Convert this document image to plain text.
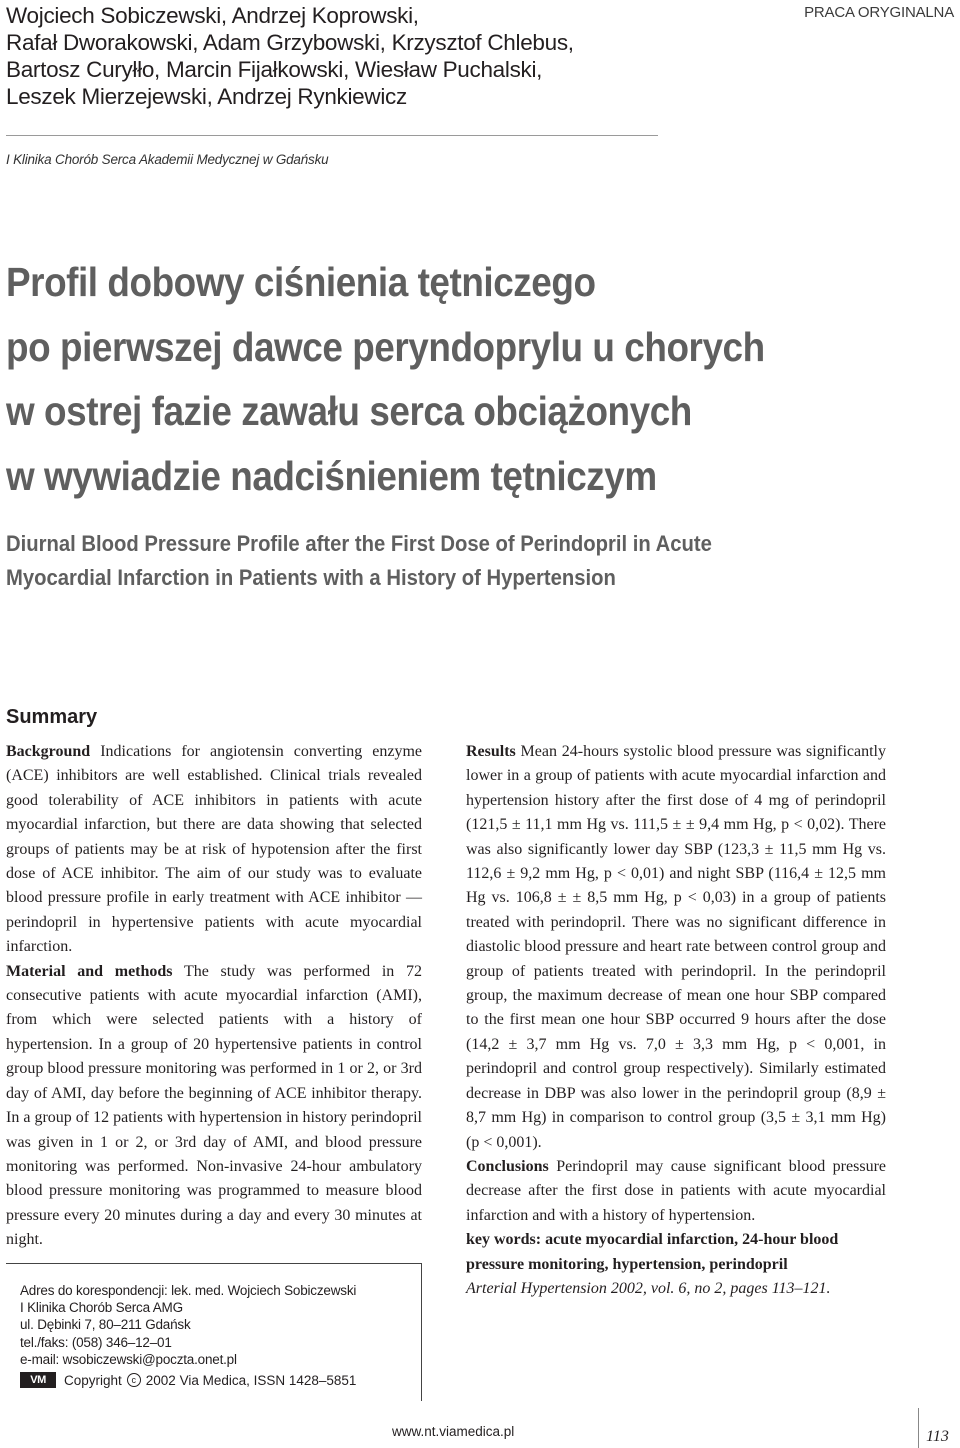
Wojciech Sobiczewski, Andrzej Koprowski,
Rafał Dworakowski, Adam Grzybowski, Krzysztof Chlebus,
Bartosz Curyłło, Marcin Fijałkowski, Wiesław Puchalski,
Leszek Mierzejewski, Andrzej Rynkiewicz
PRACA ORYGINALNA
I Klinika Chorób Serca Akademii Medycznej w Gdańsku
Profil dobowy ciśnienia tętniczego
po pierwszej dawce peryndoprylu u chorych
w ostrej fazie zawału serca obciążonych
w wywiadzie nadciśnieniem tętniczym
Diurnal Blood Pressure Profile after the First Dose of Perindopril in Acute
Myocardial Infarction in Patients with a History of Hypertension
Summary

Background Indications for angiotensin converting enzyme (ACE) inhibitors are well established. Clinical trials revealed good tolerability of ACE inhibitors in patients with acute myocardial infarction, but there are data showing that selected groups of patients may be at risk of hypotension after the first dose of ACE inhibitor. The aim of our study was to evaluate blood pressure profile in early treatment with ACE inhibitor — perindopril in hypertensive patients with acute myocardial infarction.

Material and methods The study was performed in 72 consecutive patients with acute myocardial infarction (AMI), from which were selected patients with a history of hypertension. In a group of 20 hypertensive patients in control group blood pressure monitoring was performed in 1 or 2, or 3rd day of AMI, day before the beginning of ACE inhibitor therapy. In a group of 12 patients with hypertension in history perindopril was given in 1 or 2, or 3rd day of AMI, and blood pressure monitoring was performed. Non-invasive 24-hour ambulatory blood pressure monitoring was programmed to measure blood pressure every 20 minutes during a day and every 30 minutes at night.

Results Mean 24-hours systolic blood pressure was significantly lower in a group of patients with acute myocardial infarction and hypertension history after the first dose of 4 mg of perindopril (121,5 ± 11,1 mm Hg vs. 111,5 ± ± 9,4 mm Hg, p < 0,02). There was also significantly lower day SBP (123,3 ± 11,5 mm Hg vs. 112,6 ± 9,2 mm Hg, p < 0,01) and night SBP (116,4 ± 12,5 mm Hg vs. 106,8 ± ± 8,5 mm Hg, p < 0,03) in a group of patients treated with perindopril. There was no significant difference in diastolic blood pressure and heart rate between control group and group of patients treated with perindopril. In the perindopril group, the maximum decrease of mean one hour SBP compared to the first mean one hour SBP occurred 9 hours after the dose (14,2 ± 3,7 mm Hg vs. 7,0 ± 3,3 mm Hg, p < 0,001, in perindopril and control group respectively). Similarly estimated decrease in DBP was also lower in the perindopril group (8,9 ± 8,7 mm Hg) in comparison to control group (3,5 ± 3,1 mm Hg) (p < 0,001).

Conclusions Perindopril may cause significant blood pressure decrease after the first dose in patients with acute myocardial infarction and with a history of hypertension.

key words: acute myocardial infarction, 24-hour blood pressure monitoring, hypertension, perindopril

Arterial Hypertension 2002, vol. 6, no 2, pages 113–121.

Adres do korespondencji: lek. med. Wojciech Sobiczewski
I Klinika Chorób Serca AMG
ul. Dębinki 7, 80–211 Gdańsk
tel./faks: (058) 346–12–01
e-mail: wsobiczewski@poczta.onet.pl
VM	Copyright	c 2002 Via Medica, ISSN 1428–5851
www.nt.viamedica.pl	113
